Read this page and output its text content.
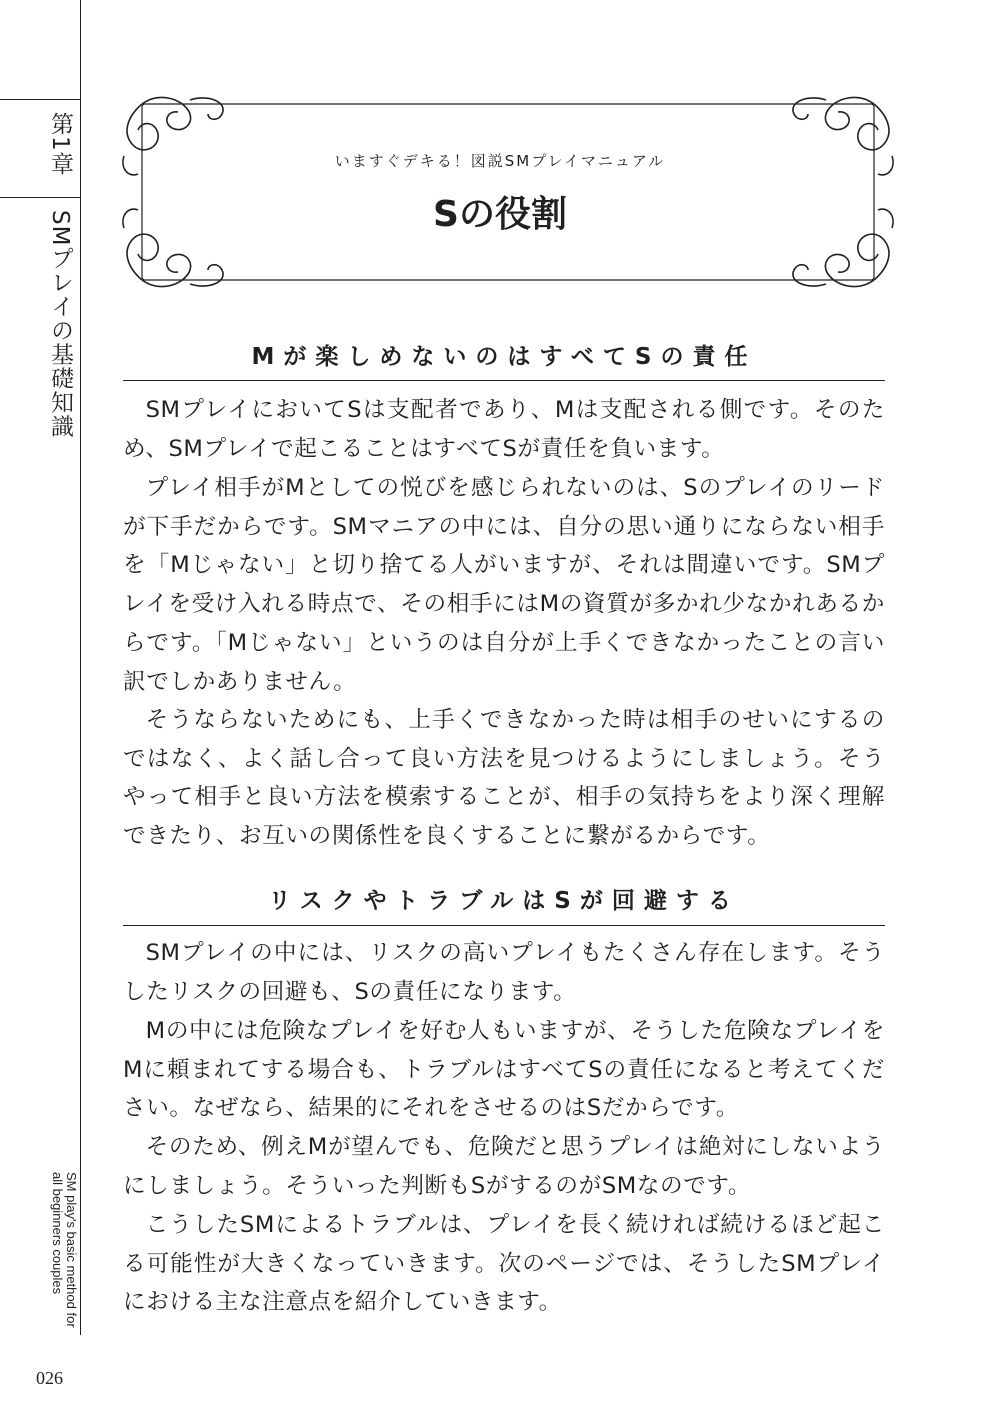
第1章
SMプレイの基礎知識
SM play's basic method for all beginners couples
026
いますぐデキる！図説SMプレイマニュアル
Sの役割
Mが楽しめないのはすべてSの責任

SMプレイにおいてSは支配者であり、Mは支配される側です。そのため、SMプレイで起こることはすべてSが責任を負います。

プレイ相手がMとしての悦びを感じられないのは、Sのプレイのリードが下手だからです。SMマニアの中には、自分の思い通りにならない相手を「Mじゃない」と切り捨てる人がいますが、それは間違いです。SMプレイを受け入れる時点で、その相手にはMの資質が多かれ少なかれあるからです。「Mじゃない」というのは自分が上手くできなかったことの言い訳でしかありません。

そうならないためにも、上手くできなかった時は相手のせいにするのではなく、よく話し合って良い方法を見つけるようにしましょう。そうやって相手と良い方法を模索することが、相手の気持ちをより深く理解できたり、お互いの関係性を良くすることに繋がるからです。

リスクやトラブルはSが回避する

SMプレイの中には、リスクの高いプレイもたくさん存在します。そうしたリスクの回避も、Sの責任になります。

Mの中には危険なプレイを好む人もいますが、そうした危険なプレイをMに頼まれてする場合も、トラブルはすべてSの責任になると考えてください。なぜなら、結果的にそれをさせるのはSだからです。

そのため、例えMが望んでも、危険だと思うプレイは絶対にしないようにしましょう。そういった判断もSがするのがSMなのです。

こうしたSMによるトラブルは、プレイを長く続ければ続けるほど起こる可能性が大きくなっていきます。次のページでは、そうしたSMプレイにおける主な注意点を紹介していきます。
